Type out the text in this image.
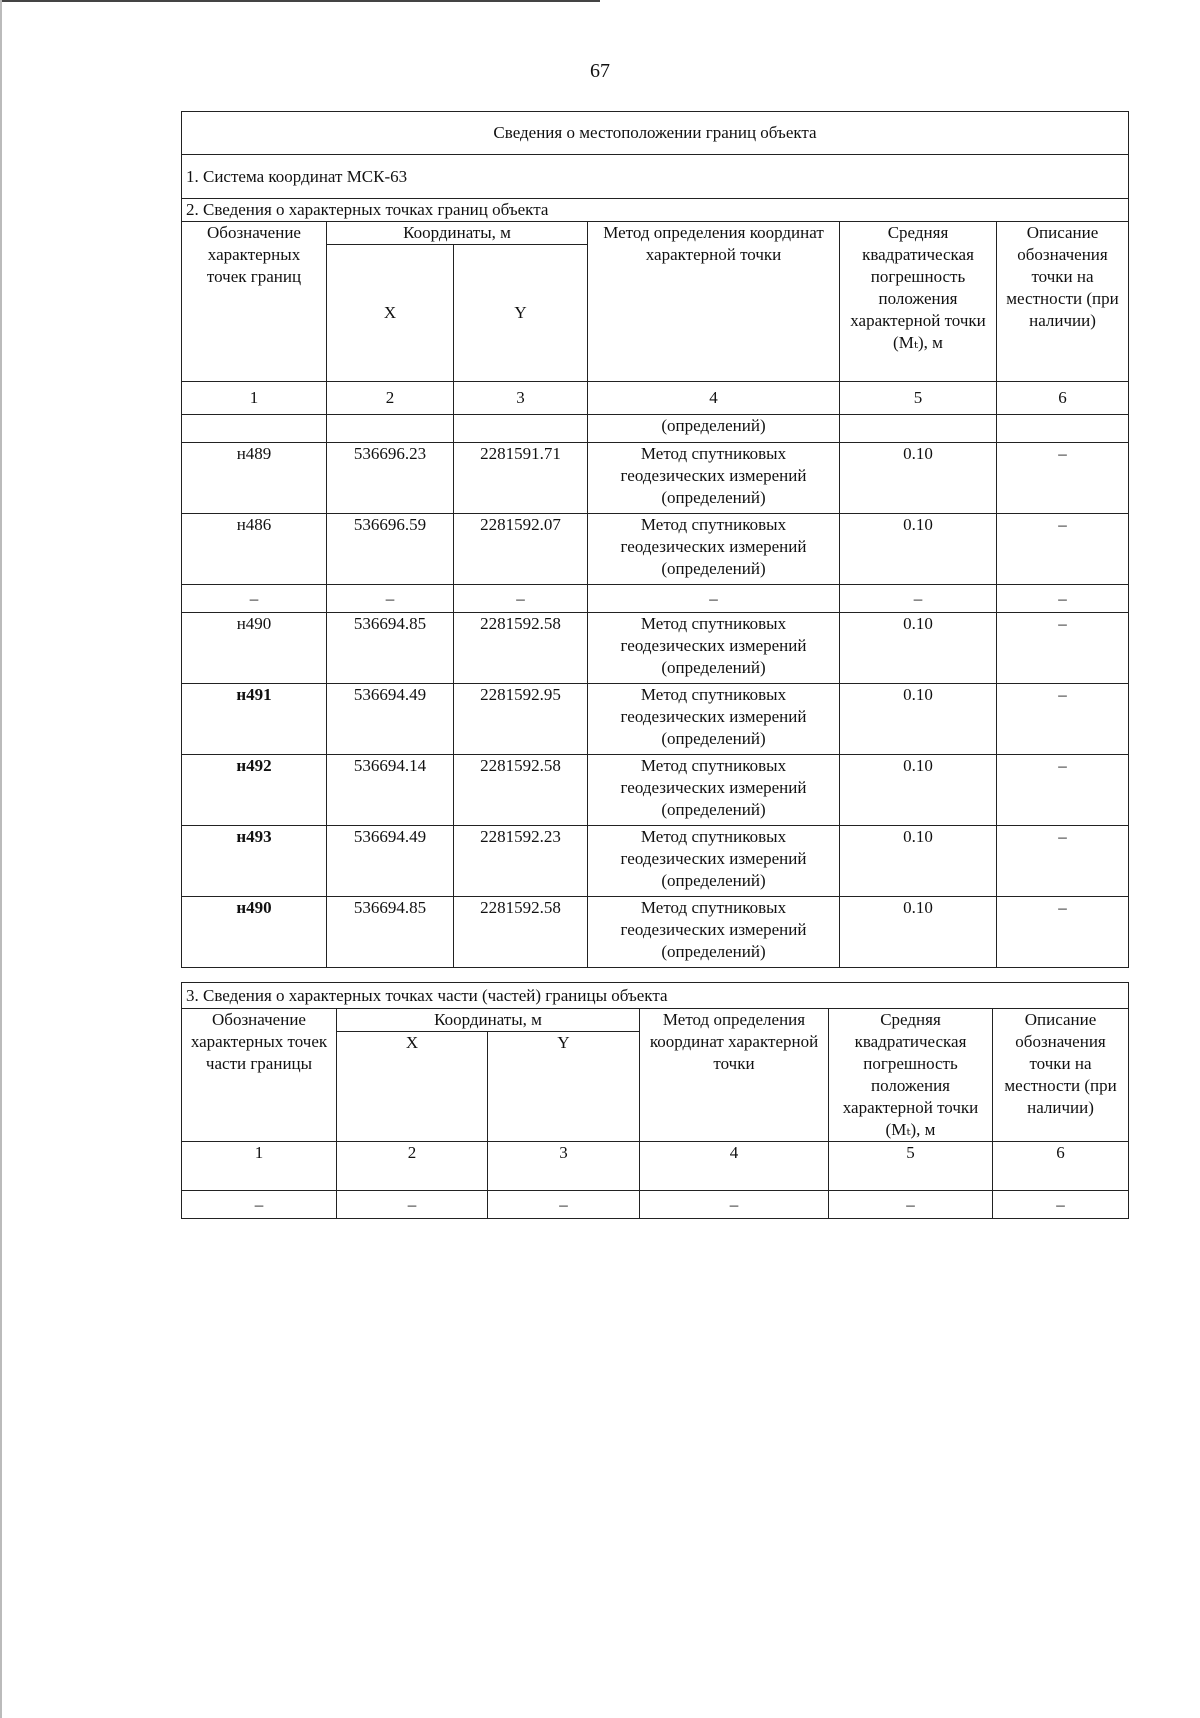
67
Сведения о местоположении границ объекта					
1. Система координат МСК-63					
2. Сведения о характерных точках границ объекта					
Обозначение характерных точек границ	Координаты, м		Метод определения координат характерной точки	Средняя квадратическая погрешность положения характерной точки (Mₜ), м	Описание обозначения точки на местности (при наличии)
	X	Y			
1	2	3	4	5	6
			(определений)		
н489	536696.23	2281591.71	Метод спутниковых геодезических измерений (определений)	0.10	–
н486	536696.59	2281592.07	Метод спутниковых геодезических измерений (определений)	0.10	–
–	–	–	–	–	–
н490	536694.85	2281592.58	Метод спутниковых геодезических измерений (определений)	0.10	–
н491	536694.49	2281592.95	Метод спутниковых геодезических измерений (определений)	0.10	–
н492	536694.14	2281592.58	Метод спутниковых геодезических измерений (определений)	0.10	–
н493	536694.49	2281592.23	Метод спутниковых геодезических измерений (определений)	0.10	–
н490	536694.85	2281592.58	Метод спутниковых геодезических измерений (определений)	0.10	–
3. Сведения о характерных точках части (частей) границы объекта					
Обозначение характерных точек части границы	Координаты, м		Метод определения координат характерной точки	Средняя квадратическая погрешность положения характерной точки (Mₜ), м	Описание обозначения точки на местности (при наличии)
	X	Y			
1	2	3	4	5	6
–	–	–	–	–	–
